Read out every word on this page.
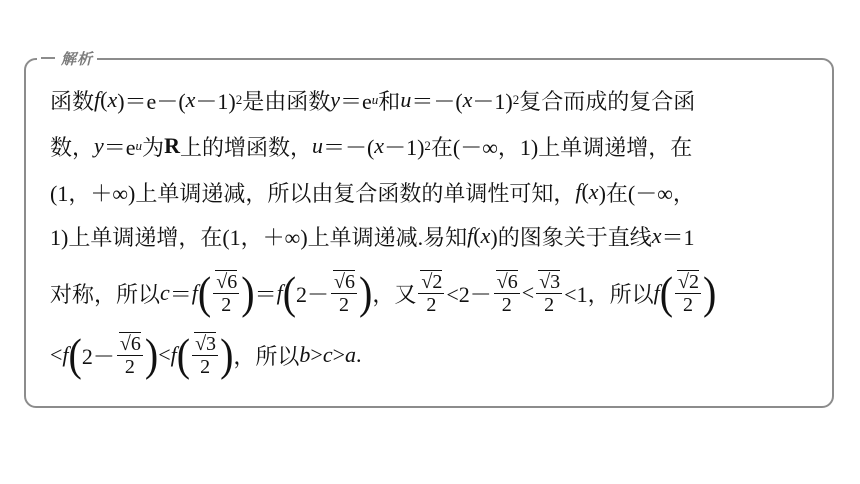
解析
函数 f ( x )＝e－( x －1) 2 是由函数 y ＝e u 和 u ＝－( x －1) 2 复合而成的复合函
数， y ＝e u 为 R 上的增函数， u ＝－( x －1) 2 在(－∞，1)上单调递增，在
(1，＋∞)上单调递减，所以由复合函数的单调性可知， f ( x )在(－∞，
1)上单调递增，在(1，＋∞)上单调递减.易知 f ( x )的图象关于直线 x ＝1
对称，所以 c ＝ f ( $\frac{√6}{2}$ ) ＝ f ( $2- \frac{√6}{2}$ ) ，又 $\frac{√2}{2} <2- \frac{√6}{2} < \frac{√3}{2} <1$，所以 f ( $\frac{√2}{2}$ )
< f ( $2- \frac{√6}{2}$ ) < f ( $\frac{√3}{2}$ ) ，所以 b > c > a .
